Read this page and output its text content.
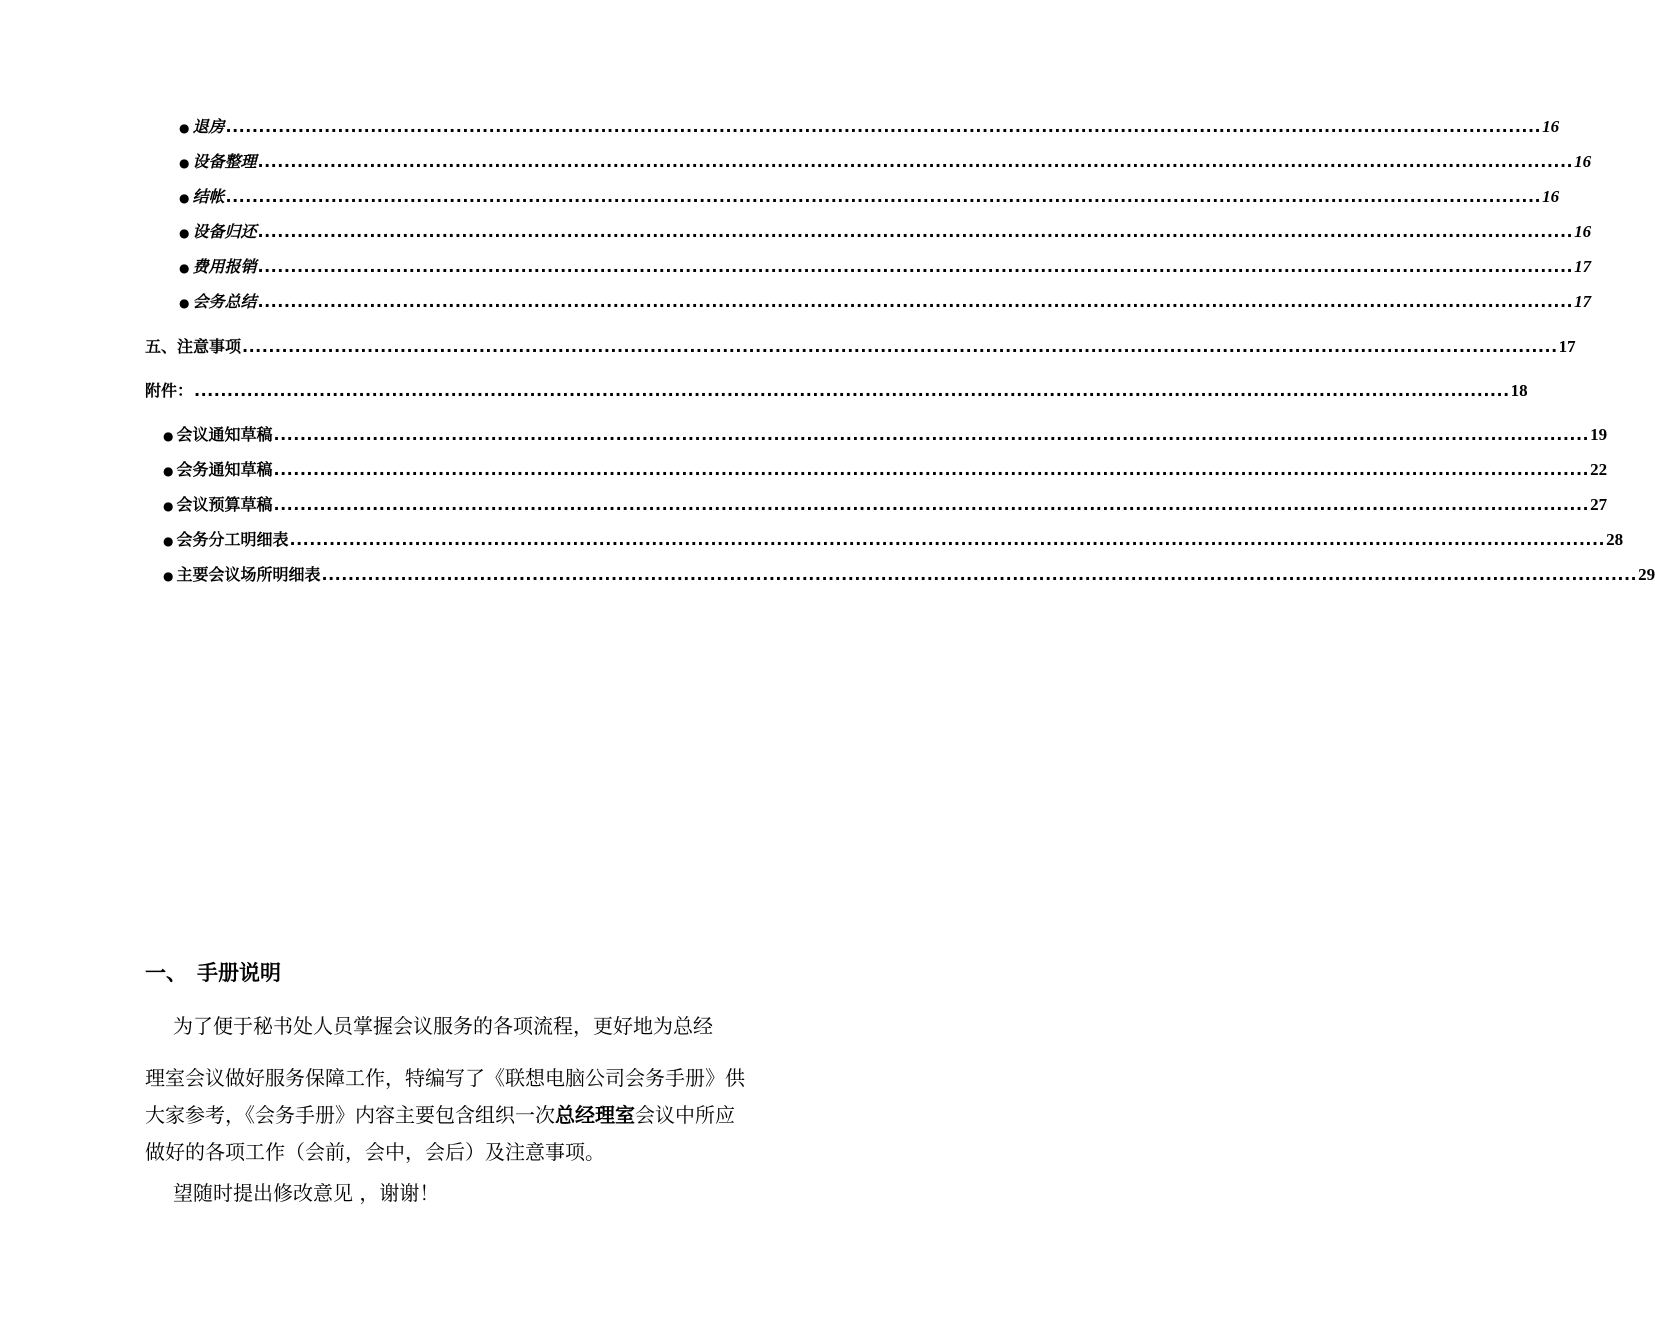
● 退房 ........................................................................................................................................................................................................ 16
● 设备整理 ........................................................................................................................................................................................................ 16
● 结帐 ........................................................................................................................................................................................................ 16
● 设备归还 ........................................................................................................................................................................................................ 16
● 费用报销 ........................................................................................................................................................................................................ 17
● 会务总结 ........................................................................................................................................................................................................ 17
五、注意事项 ........................................................................................................................................................................................................ 17
附件： ........................................................................................................................................................................................................ 18
● 会议通知草稿 ........................................................................................................................................................................................................ 19
● 会务通知草稿 ........................................................................................................................................................................................................ 22
● 会议预算草稿 ........................................................................................................................................................................................................ 27
● 会务分工明细表 ........................................................................................................................................................................................................ 28
● 主要会议场所明细表 ........................................................................................................................................................................................................ 29
一、 手册说明
为了便于秘书处人员掌握会议服务的各项流程，更好地为总经
理室会议做好服务保障工作，特编写了《联想电脑公司会务手册》供
大家参考，《会务手册》内容主要包含组织一次总经理室会议中所应
做好的各项工作（会前，会中，会后）及注意事项。
望随时提出修改意见 ，谢谢！
